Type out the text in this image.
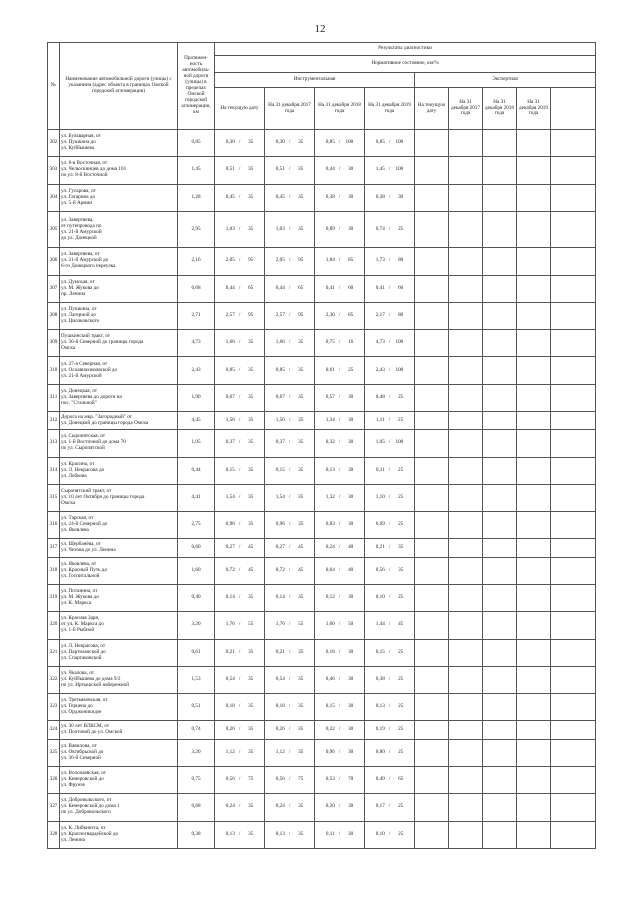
12
№	Наименование автомобильной дороги (улицы) с указанием (адрес объекта в границах Омской городской агломерации)	Протяжен-ность автомобиль-ной дороги (улицы) в пределах Омской городской агломерации, км	Результаты диагностики								
			Нормативное состояние, км/%								
			Инструментальная				Экспертная				
			На текущую дату	На 31 декабря 2017 года	На 31 декабря 2018 года	На 31 декабря 2019 года	На текущую дату	На 31 декабря 2017 года	На 31 декабря 2018 года	На 31 декабря 2019 года	
302	ул. Бульварная, от
ул. Пушкина до
ул. Куйбышева	0,85	0,30 / 35	0,30 / 35	0,85 / 100	0,85 / 100					

303	ул. 8-я Восточная, от
ул. Челюскинцев до дома 101
по ул. 8-й Восточной	1,45	0,51 / 35	0,51 / 35	0,44 / 30	1,45 / 100					

304	ул. Гусарова, от
ул. Гагарина до
ул. 5-й Армии	1,28	0,45 / 35	0,45 / 35	0,38 / 30	0,38 / 30					

305	ул. Завертяева,
от путепровода по
ул. 21-й Амурской
до ул. Донецкой	2,95	1,03 / 35	1,03 / 35	0,89 / 30	0,74 / 25					

306	ул. Завертяева, от
ул. 21-й Амурской до
6-го Донецкого переулка	2,16	2,05 / 95	2,05 / 95	1,84 / 85	1,73 / 80					

307	ул. Думская, от
ул. М. Жукова до
пр. Ленина	0,68	0,44 / 65	0,44 / 65	0,41 / 60	0,41 / 60					

308	ул. Пушкина, от
ул. Лагерной до
ул. Циолковского	2,71	2,57 / 95	2,57 / 95	2,30 / 85	2,17 / 80					

309	Пушкинский тракт, от
ул. 36-й Северной до границы города
Омска	4,73	1,66 / 35	1,66 / 35	0,75 / 16	4,73 / 100					

310	ул. 27-я Северная, от
ул. Осоавиахимовской до
ул. 21-й Амурской	2,43	0,85 / 35	0,85 / 35	0,61 / 25	2,43 / 100					

311	ул. Донецкая, от
ул. Завертяева до дороги на
пос. "Стальной"	1,90	0,67 / 35	0,67 / 35	0,57 / 30	0,48 / 25					

312	Дорога на мкр. "Загородный" от
ул. Донецкой до границы города Омска	4,45	1,56 / 35	1,56 / 35	1,34 / 30	1,11 / 25					

313	ул. Сыропятская, от
ул. 1-й Восточной до дома 70
по ул. Сыропятской	1,05	0,37 / 35	0,37 / 35	0,32 / 30	1,05 / 100					

314	ул. Красина, от
ул. Л. Некрасова до
ул. Лобкова	0,44	0,15 / 35	0,15 / 35	0,13 / 30	0,11 / 25					

315	Сыропятский тракт, от
ул. 10 лет Октября до границы города
Омска	4,41	1,54 / 35	1,54 / 35	1,32 / 30	1,10 / 25					

316	ул. Тарская, от
ул. 24-й Северной до
ул. Яковлева	2,75	0,96 / 35	0,96 / 35	0,83 / 30	0,69 / 25					

317	ул. Щербанёва, от
ул. Чехова до ул. Ленина	0,60	0,27 / 45	0,27 / 45	0,24 / 40	0,21 / 35					

318	ул. Яковлева, от
ул. Красный Путь до
ул. Госпитальной	1,60	0,72 / 45	0,72 / 45	0,64 / 40	0,56 / 35					

319	ул. Потанина, от
ул. М. Жукова до
ул. К. Маркса	0,40	0,14 / 35	0,14 / 35	0,12 / 30	0,10 / 25					

320	ул. Красная Заря,
от ул. К. Маркса до
ул. 1-й Рыбной	3,20	1,76 / 55	1,76 / 55	1,60 / 50	1,44 / 45					

321	ул. Л. Некрасова, от
ул. Партизанской до
ул. Спартаковской	0,61	0,21 / 35	0,21 / 35	0,18 / 30	0,15 / 25					

322	ул. Чкалова, от
ул. Куйбышева до дома 9/2
по ул. Иртышской набережной	1,53	0,54 / 35	0,54 / 35	0,46 / 30	0,38 / 25					

323	ул. Третьяковская, от
ул. Герцена до
ул. Орджоникидзе	0,51	0,18 / 35	0,18 / 35	0,15 / 30	0,13 / 25					

324	ул. 30 лет ВЛКСМ, от
ул. Почтовой до ул. Омской	0,74	0,26 / 35	0,26 / 35	0,22 / 30	0,19 / 25					

325	ул. Вавилова, от
ул. Октябрьской до
ул. 36-й Северной	3,20	1,12 / 35	1,12 / 35	0,96 / 30	0,80 / 25					

326	ул. Волочаевская, от
ул. Кемеровской до
ул. Фрунзе	0,75	0,56 / 75	0,56 / 75	0,53 / 70	0,49 / 65					

327	ул. Добровольского, от
ул. Кемеровской до дома 1
по ул. Добровольского	0,68	0,24 / 35	0,24 / 35	0,20 / 30	0,17 / 25					

328	ул. К. Либкнехта, от
ул. Красногвардейской до
ул. Ленина	0,38	0,13 / 35	0,13 / 35	0,11 / 30	0,10 / 25					
